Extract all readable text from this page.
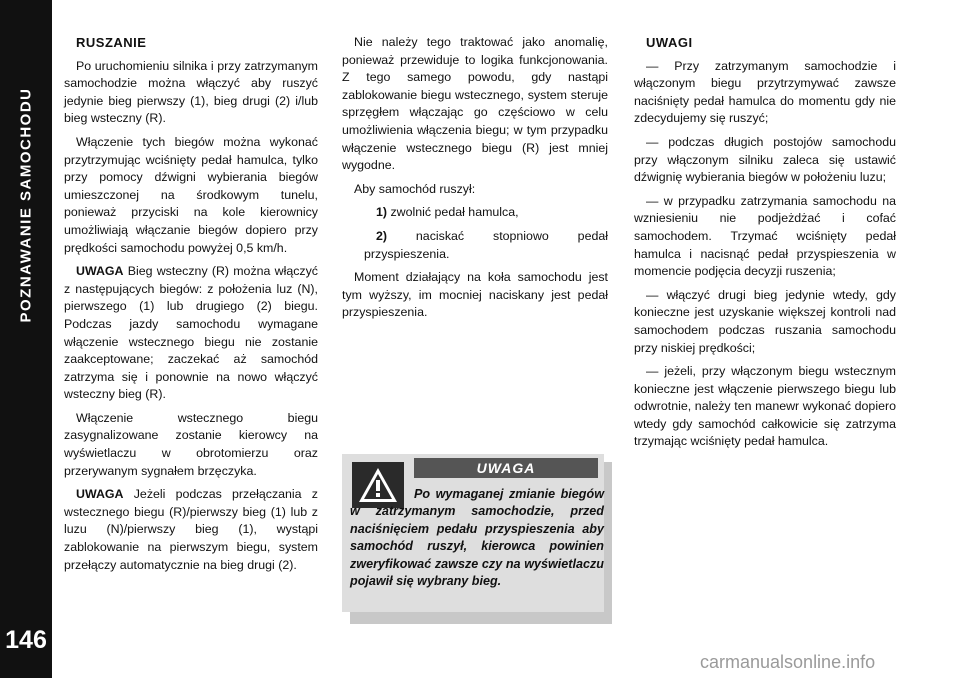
POZNAWANIE SAMOCHODU
146

RUSZANIE

Po uruchomieniu silnika i przy zatrzymanym samochodzie można włączyć aby ruszyć jedynie bieg pierwszy (1), bieg drugi (2) i/lub bieg wsteczny (R).

Włączenie tych biegów można wykonać przytrzymując wciśnięty pedał hamulca, tylko przy pomocy dźwigni wybierania biegów umieszczonej na środkowym tunelu, ponieważ przyciski na kole kierownicy umożliwiają włączanie biegów dopiero przy prędkości samochodu powyżej 0,5 km/h.

UWAGA Bieg wsteczny (R) można włączyć z następujących biegów: z położenia luz (N), pierwszego (1) lub drugiego (2) biegu. Podczas jazdy samochodu wymagane włączenie wstecznego biegu nie zostanie zaakceptowane; zaczekać aż samochód zatrzyma się i ponownie na nowo włączyć wsteczny bieg (R).

Włączenie wstecznego biegu zasygnalizowane zostanie kierowcy na wyświetlaczu w obrotomierzu oraz przerywanym sygnałem brzęczyka.

UWAGA Jeżeli podczas przełączania z wstecznego biegu (R)/pierwszy bieg (1) lub z luzu (N)/pierwszy bieg (1), wystąpi zablokowanie na pierwszym biegu, system przełączy automatycznie na bieg drugi (2).

Nie należy tego traktować jako anomalię, ponieważ przewiduje to logika funkcjonowania. Z tego samego powodu, gdy nastąpi zablokowanie biegu wstecznego, system steruje sprzęgłem włączając go częściowo w celu umożliwienia włączenia biegu; w tym przypadku włączenie wstecznego biegu (R) jest mniej wygodne.

Aby samochód ruszył:

1) zwolnić pedał hamulca,

2) naciskać stopniowo pedał przyspieszenia.

Moment działający na koła samochodu jest tym wyższy, im mocniej naciskany jest pedał przyspieszenia.

UWAGA
Po wymaganej zmianie biegów w zatrzymanym samochodzie, przed naciśnięciem pedału przyspieszenia aby samochód ruszył, kierowca powinien zweryfikować zawsze czy na wyświetlaczu pojawił się wybrany bieg.

UWAGI

— Przy zatrzymanym samochodzie i włączonym biegu przytrzymywać zawsze naciśnięty pedał hamulca do momentu gdy nie zdecydujemy się ruszyć;

— podczas długich postojów samochodu przy włączonym silniku zaleca się ustawić dźwignię wybierania biegów w położeniu luzu;

— w przypadku zatrzymania samochodu na wzniesieniu nie podjeżdżać i cofać samochodem. Trzymać wciśnięty pedał hamulca i nacisnąć pedał przyspieszenia w momencie podjęcia decyzji ruszenia;

— włączyć drugi bieg jedynie wtedy, gdy konieczne jest uzyskanie większej kontroli nad samochodem podczas ruszania samochodu przy niskiej prędkości;

— jeżeli, przy włączonym biegu wstecznym konieczne jest włączenie pierwszego biegu lub odwrotnie, należy ten manewr wykonać dopiero wtedy gdy samochód całkowicie się zatrzyma trzymając wciśnięty pedał hamulca.

carmanualsonline.info
